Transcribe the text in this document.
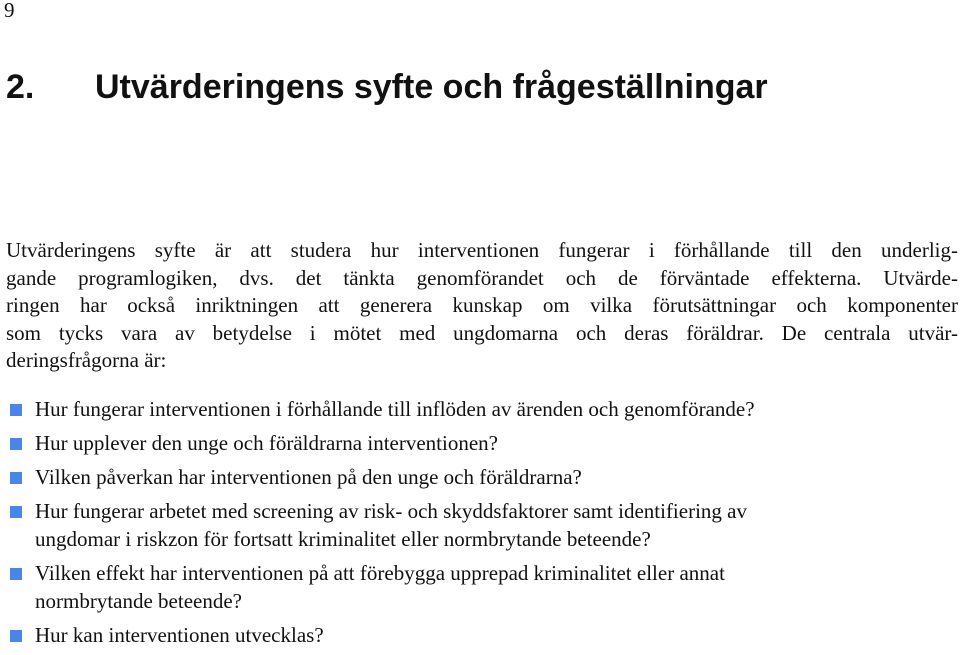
9
2. Utvärderingens syfte och frågeställningar

Utvärderingens syfte är att studera hur interventionen fungerar i förhållande till den underlig-
gande programlogiken, dvs. det tänkta genomförandet och de förväntade effekterna. Utvärde-
ringen har också inriktningen att generera kunskap om vilka förutsättningar och komponenter
som tycks vara av betydelse i mötet med ungdomarna och deras föräldrar. De centrala utvär-
deringsfrågorna är:

Hur fungerar interventionen i förhållande till inflöden av ärenden och genomförande?
Hur upplever den unge och föräldrarna interventionen?
Vilken påverkan har interventionen på den unge och föräldrarna?
Hur fungerar arbetet med screening av risk- och skyddsfaktorer samt identifiering av
ungdomar i riskzon för fortsatt kriminalitet eller normbrytande beteende?
Vilken effekt har interventionen på att förebygga upprepad kriminalitet eller annat
normbrytande beteende?
Hur kan interventionen utvecklas?
